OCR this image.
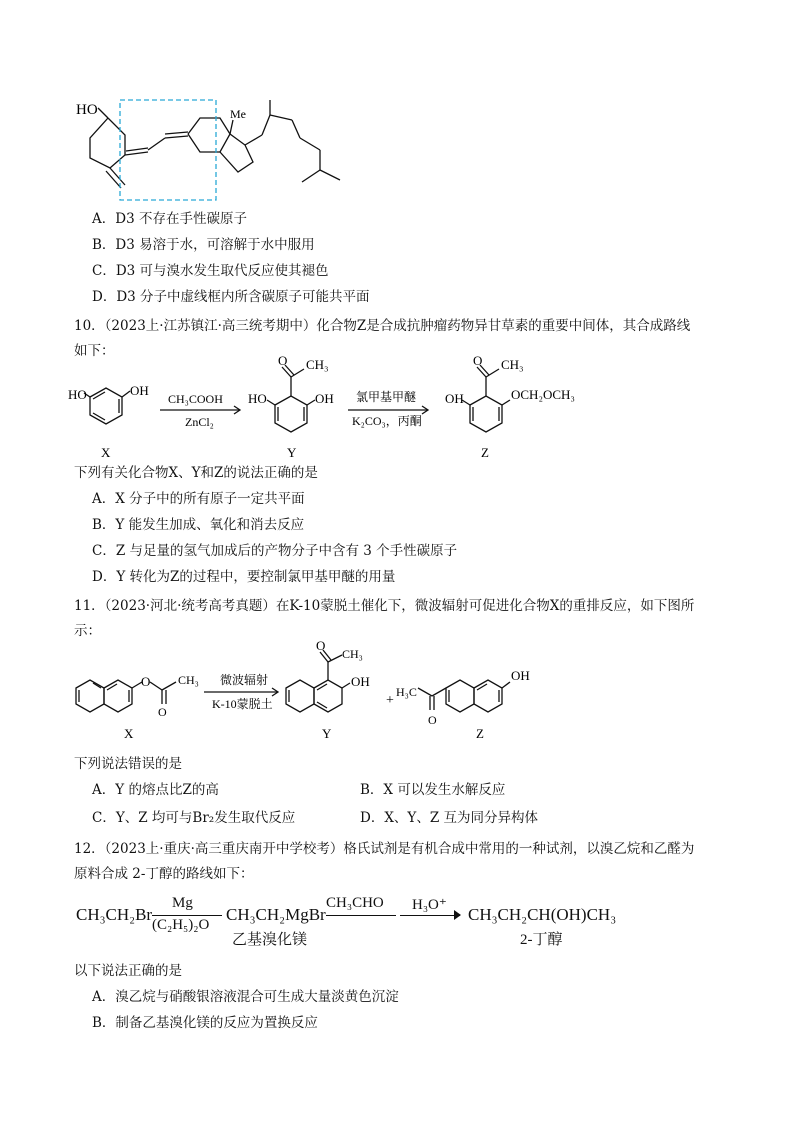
HO	Me
A．D3 不存在手性碳原子
B．D3 易溶于水，可溶解于水中服用
C．D3 可与溴水发生取代反应使其褪色
D．D3 分子中虚线框内所含碳原子可能共平面
10．（2023上·江苏镇江·高三统考期中）化合物Z是合成抗肿瘤药物异甘草素的重要中间体，其合成路线
如下：
HO	OH
X
CH₃COOH
ZnCl₂
O CH₃
HO	OH
Y
氯甲基甲醚
K₂CO₃，丙酮
O CH₃
OH	OCH₂OCH₃
Z
下列有关化合物X、Y和Z的说法正确的是
A．X 分子中的所有原子一定共平面
B．Y 能发生加成、氧化和消去反应
C．Z 与足量的氢气加成后的产物分子中含有 3 个手性碳原子
D．Y 转化为Z的过程中，要控制氯甲基甲醚的用量
11．（2023·河北·统考高考真题）在K-10蒙脱土催化下，微波辐射可促进化合物X的重排反应，如下图所
示：
O
O
CH₃
X
微波辐射
K-10蒙脱土
O
CH₃
OH
Y
+
H₃C
O
OH
Z
下列说法错误的是
A．Y 的熔点比Z的高	B．X 可以发生水解反应
C．Y、Z 均可与Br₂发生取代反应	D．X、Y、Z 互为同分异构体
12．（2023上·重庆·高三重庆南开中学校考）格氏试剂是有机合成中常用的一种试剂，以溴乙烷和乙醛为
原料合成 2-丁醇的路线如下：
CH₃CH₂Br
Mg
(C₂H₅)₂O
CH₃CH₂MgBr
乙基溴化镁
CH₃CHO H₃O⁺ CH₃CH₂CH(OH)CH₃
2-丁醇
以下说法正确的是
A．溴乙烷与硝酸银溶液混合可生成大量淡黄色沉淀
B．制备乙基溴化镁的反应为置换反应
